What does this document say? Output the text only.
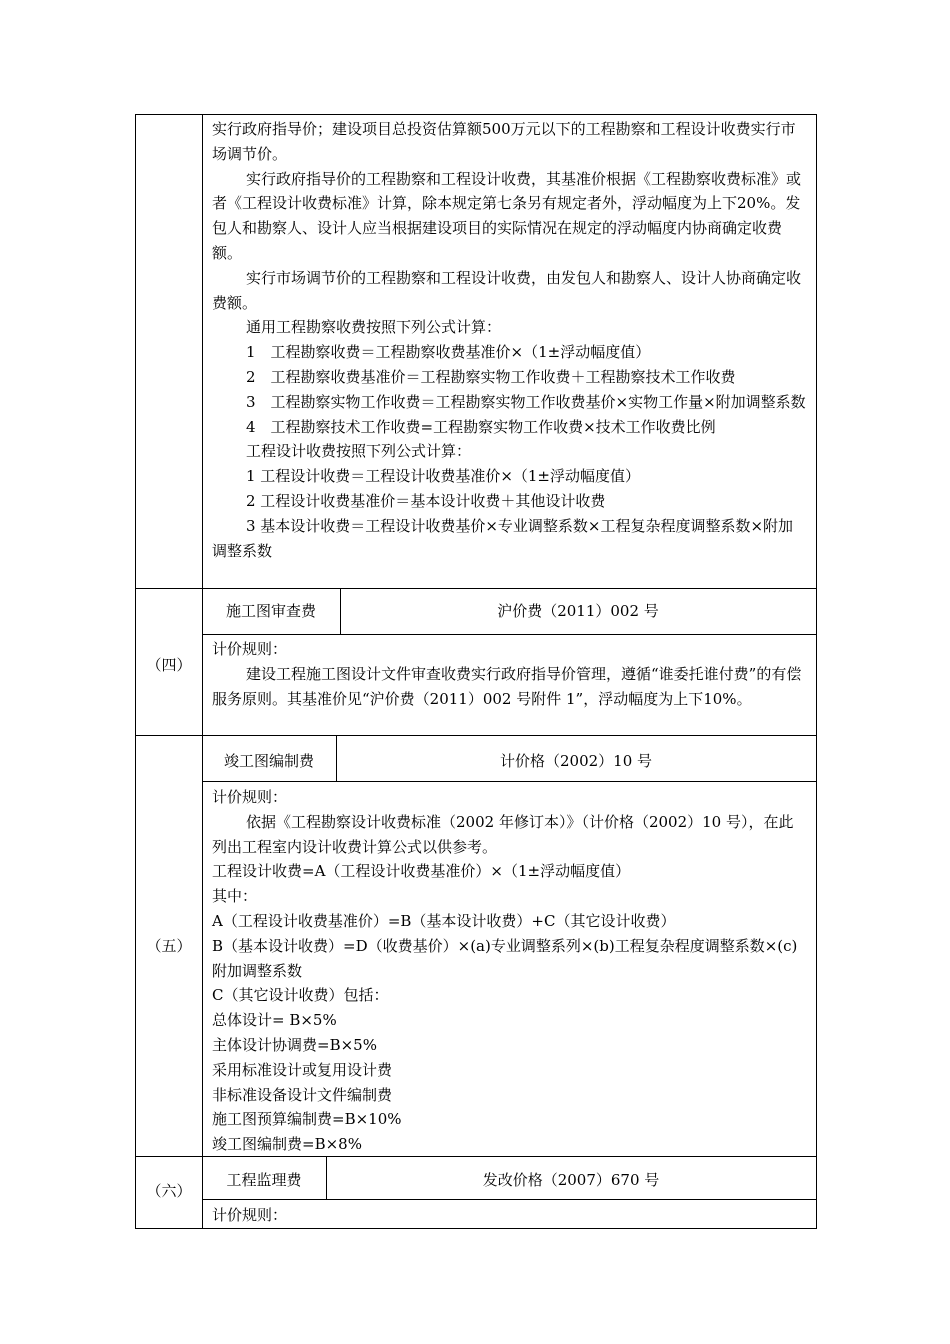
实行政府指导价；建设项目总投资估算额500万元以下的工程勘察和工程设计收费实行市场调节价。

实行政府指导价的工程勘察和工程设计收费，其基准价根据《工程勘察收费标准》或者《工程设计收费标准》计算，除本规定第七条另有规定者外，浮动幅度为上下20%。发包人和勘察人、设计人应当根据建设项目的实际情况在规定的浮动幅度内协商确定收费额。

实行市场调节价的工程勘察和工程设计收费，由发包人和勘察人、设计人协商确定收费额。

通用工程勘察收费按照下列公式计算：

1　工程勘察收费＝工程勘察收费基准价×（1±浮动幅度值）

2　工程勘察收费基准价＝工程勘察实物工作收费＋工程勘察技术工作收费

3　工程勘察实物工作收费＝工程勘察实物工作收费基价×实物工作量×附加调整系数

4　工程勘察技术工作收费=工程勘察实物工作收费×技术工作收费比例

工程设计收费按照下列公式计算：

1 工程设计收费＝工程设计收费基准价×（1±浮动幅度值）

2 工程设计收费基准价＝基本设计收费＋其他设计收费

3 基本设计收费＝工程设计收费基价×专业调整系数×工程复杂程度调整系数×附加调整系数

（四）
施工图审查费	沪价费（2011）002 号

计价规则：

建设工程施工图设计文件审查收费实行政府指导价管理，遵循“谁委托谁付费”的有偿服务原则。其基准价见“沪价费（2011）002 号附件 1”，浮动幅度为上下10%。

（五）
竣工图编制费	计价格（2002）10 号

计价规则：

依据《工程勘察设计收费标准（2002 年修订本）》（计价格（2002）10 号），在此列出工程室内设计收费计算公式以供参考。

工程设计收费=A（工程设计收费基准价）×（1±浮动幅度值）

其中：

A（工程设计收费基准价）=B（基本设计收费）+C（其它设计收费）

B（基本设计收费）=D（收费基价）×(a)专业调整系列×(b)工程复杂程度调整系数×(c)附加调整系数

C（其它设计收费）包括：

总体设计= B×5%

主体设计协调费=B×5%

采用标准设计或复用设计费

非标准设备设计文件编制费

施工图预算编制费=B×10%

竣工图编制费=B×8%

（六）
工程监理费	发改价格（2007）670 号

计价规则：
